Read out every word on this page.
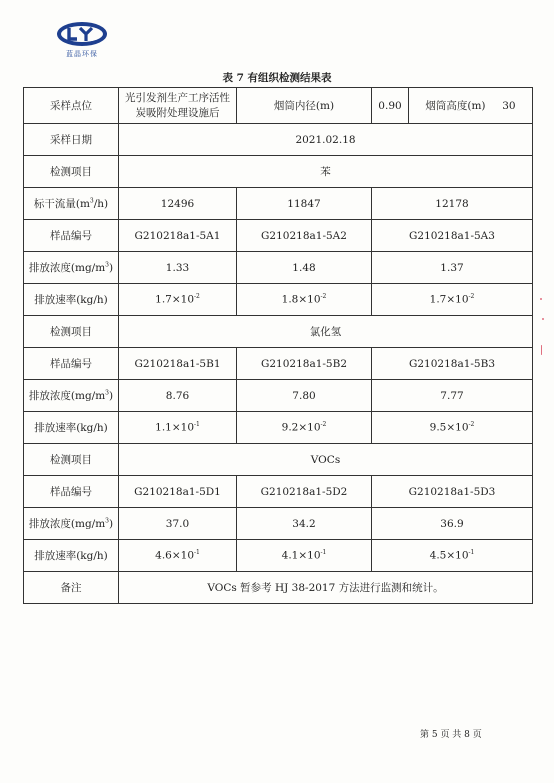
蓝晶环保
表 7 有组织检测结果表
采样点位	光引发剂生产工序活性炭吸附处理设施后	烟筒内径(m)	0.90	烟筒高度(m) 30
采样日期	2021.02.18			
检测项目	苯			
标干流量$(m^3/h)$	12496	11847	12178	
样品编号	G210218a1-5A1	G210218a1-5A2	G210218a1-5A3	
排放浓度$(mg/m^3)$	1.33	1.48	1.37	
排放速率(kg/h)	$1.7\times 10^{-2}$	$1.8\times 10^{-2}$	$1.7\times 10^{-2}$
检测项目	氯化氢			
样品编号	G210218a1-5B1	G210218a1-5B2	G210218a1-5B3	
排放浓度$(mg/m^3)$	8.76	7.80	7.77	
排放速率(kg/h)	$1.1\times 10^{-1}$	$9.2\times 10^{-2}$	$9.5\times 10^{-2}$
检测项目	VOCs			
样品编号	G210218a1-5D1	G210218a1-5D2	G210218a1-5D3	
排放浓度$(mg/m^3)$	37.0	34.2	36.9	
排放速率(kg/h)	$4.6\times 10^{-1}$	$4.1\times 10^{-1}$	$4.5\times 10^{-1}$
备注	VOCs 暂参考 HJ 38-2017 方法进行监测和统计。			
第 5 页 共 8 页
